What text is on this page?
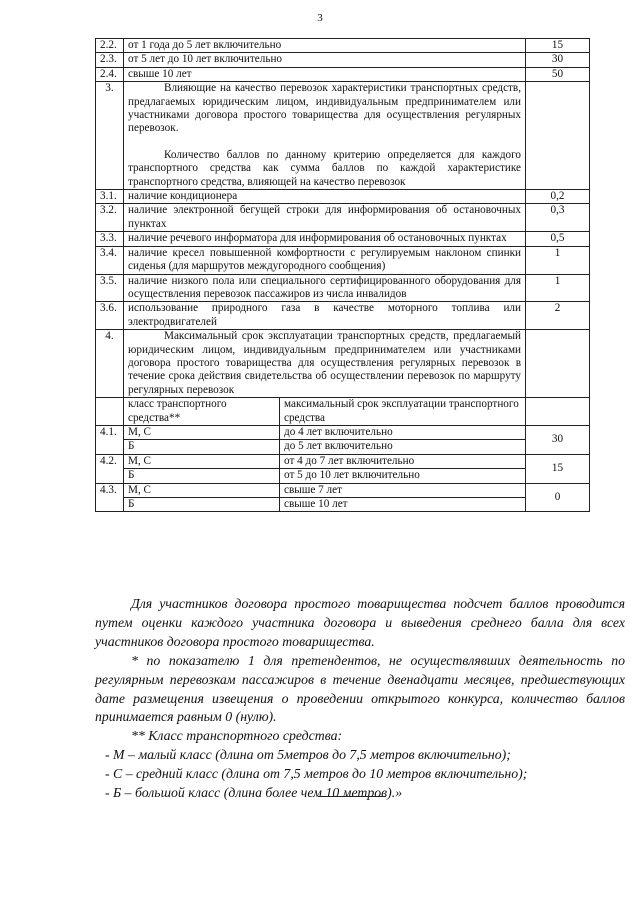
3
2.2.	от 1 года до 5 лет включительно		15
2.3.	от 5 лет до 10 лет включительно		30
2.4.	свыше 10 лет		50
3.	Влияющие на качество перевозок характеристики транспортных средств, предлагаемых юридическим лицом, индивидуальным предпринимателем или участниками договора простого товарищества для осуществления регулярных перевозок.
Количество баллов по данному критерию определяется для каждого транспортного средства как сумма баллов по каждой характеристике транспортного средства, влияющей на качество перевозок		

3.1.	наличие кондиционера		0,2
3.2.	наличие электронной бегущей строки для информирования об остановочных пунктах		0,3
3.3.	наличие речевого информатора для информирования об остановочных пунктах		0,5
3.4.	наличие кресел повышенной комфортности с регулируемым наклоном спинки сиденья (для маршрутов междугородного сообщения)		1
3.5.	наличие низкого пола или специального сертифицированного оборудования для осуществления перевозок пассажиров из числа инвалидов		1
3.6.	использование природного газа в качестве моторного топлива или электродвигателей		2
4.	Максимальный срок эксплуатации транспортных средств, предлагаемый юридическим лицом, индивидуальным предпринимателем или участниками договора простого товарищества для осуществления регулярных перевозок в течение срока действия свидетельства об осуществлении перевозок по маршруту регулярных перевозок		
	класс транспортного средства**	максимальный срок эксплуатации транспортного средства	
4.1.	М, С	до 4 лет включительно	30
	Б	до 5 лет включительно	
4.2.	М, С	от 4 до 7 лет включительно	15
	Б	от 5 до 10 лет включительно	
4.3.	М, С	свыше 7 лет	0
	Б	свыше 10 лет	

Для участников договора простого товарищества подсчет баллов проводится путем оценки каждого участника договора и выведения среднего балла для всех участников договора простого товарищества.

* по показателю 1 для претендентов, не осуществлявших деятельность по регулярным перевозкам пассажиров в течение двенадцати месяцев, предшествующих дате размещения извещения о проведении открытого конкурса, количество баллов принимается равным 0 (нулю).

** Класс транспортного средства:

- М – малый класс (длина от 5метров до 7,5 метров включительно);

- С – средний класс (длина от 7,5 метров до 10 метров включительно);

- Б – большой класс (длина более чем 10 метров).»
